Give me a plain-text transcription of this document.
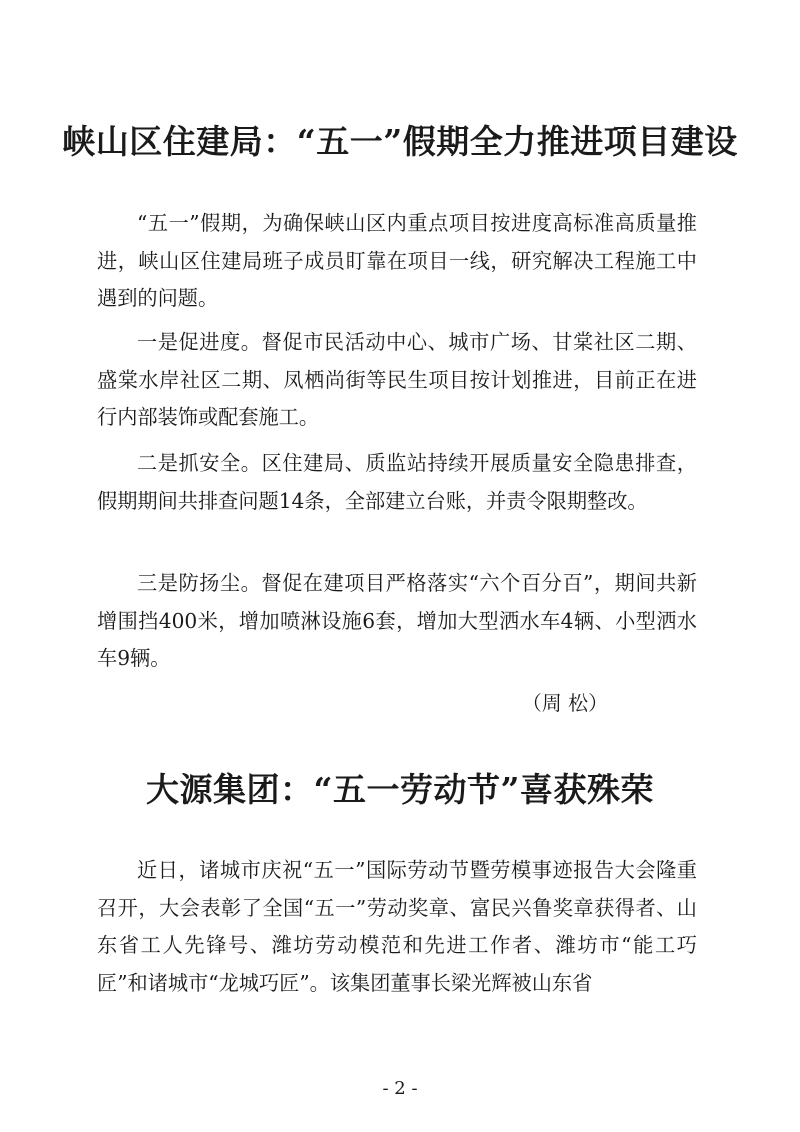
峡山区住建局：“五一”假期全力推进项目建设

“五一”假期，为确保峡山区内重点项目按进度高标准高质量推进，峡山区住建局班子成员盯靠在项目一线，研究解决工程施工中遇到的问题。

一是促进度。督促市民活动中心、城市广场、甘棠社区二期、盛棠水岸社区二期、凤栖尚街等民生项目按计划推进，目前正在进行内部装饰或配套施工。

二是抓安全。区住建局、质监站持续开展质量安全隐患排查，假期期间共排查问题14条，全部建立台账，并责令限期整改。

三是防扬尘。督促在建项目严格落实“六个百分百”，期间共新增围挡400米，增加喷淋设施6套，增加大型洒水车4辆、小型洒水车9辆。

（周 松）

大源集团：“五一劳动节”喜获殊荣

近日，诸城市庆祝“五一”国际劳动节暨劳模事迹报告大会隆重召开，大会表彰了全国“五一”劳动奖章、富民兴鲁奖章获得者、山东省工人先锋号、潍坊劳动模范和先进工作者、潍坊市“能工巧匠”和诸城市“龙城巧匠”。该集团董事长梁光辉被山东省

- 2 -
